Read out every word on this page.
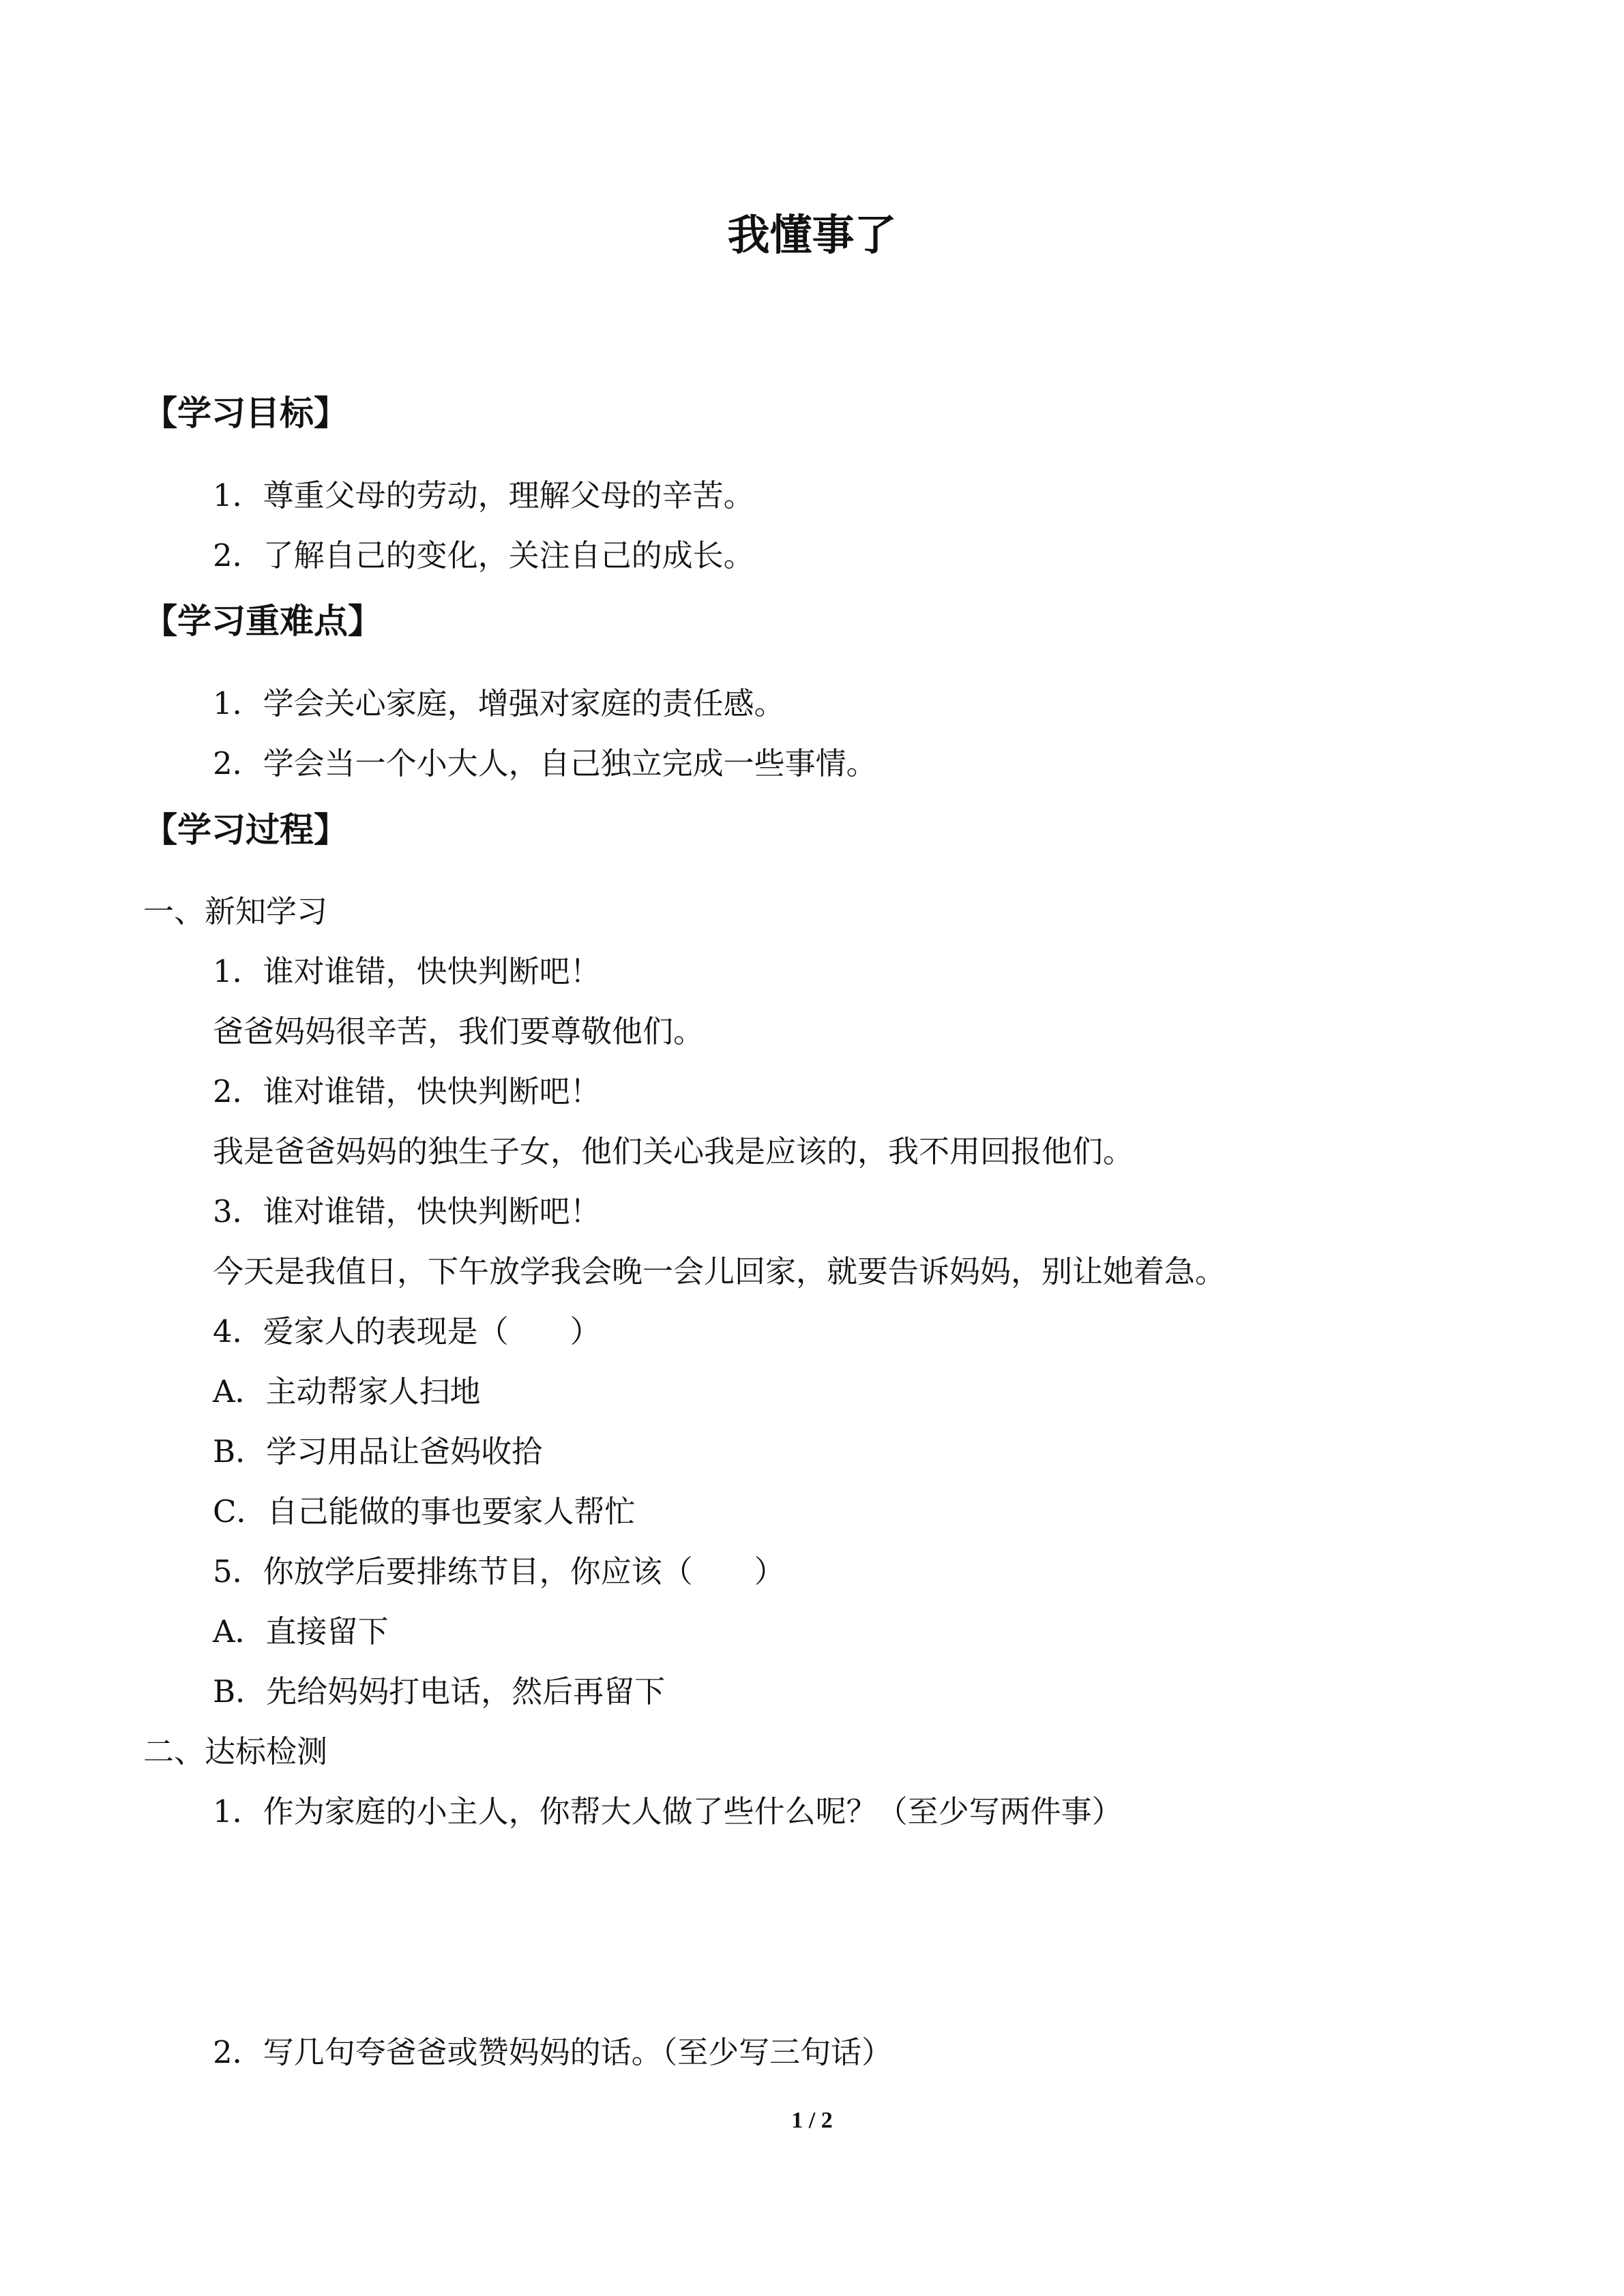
我懂事了
【学习目标】
1．尊重父母的劳动，理解父母的辛苦。
2．了解自己的变化，关注自己的成长。
【学习重难点】
1．学会关心家庭，增强对家庭的责任感。
2．学会当一个小大人，自己独立完成一些事情。
【学习过程】
一、新知学习
1．谁对谁错，快快判断吧！
爸爸妈妈很辛苦，我们要尊敬他们。
2．谁对谁错，快快判断吧！
我是爸爸妈妈的独生子女，他们关心我是应该的，我不用回报他们。
3．谁对谁错，快快判断吧！
今天是我值日，下午放学我会晚一会儿回家，就要告诉妈妈，别让她着急。
4．爱家人的表现是（　　）
A．主动帮家人扫地
B．学习用品让爸妈收拾
C．自己能做的事也要家人帮忙
5．你放学后要排练节目，你应该（　　）
A．直接留下
B．先给妈妈打电话，然后再留下
二、达标检测
1．作为家庭的小主人，你帮大人做了些什么呢？（至少写两件事）
2．写几句夸爸爸或赞妈妈的话。（至少写三句话）
1 / 2
